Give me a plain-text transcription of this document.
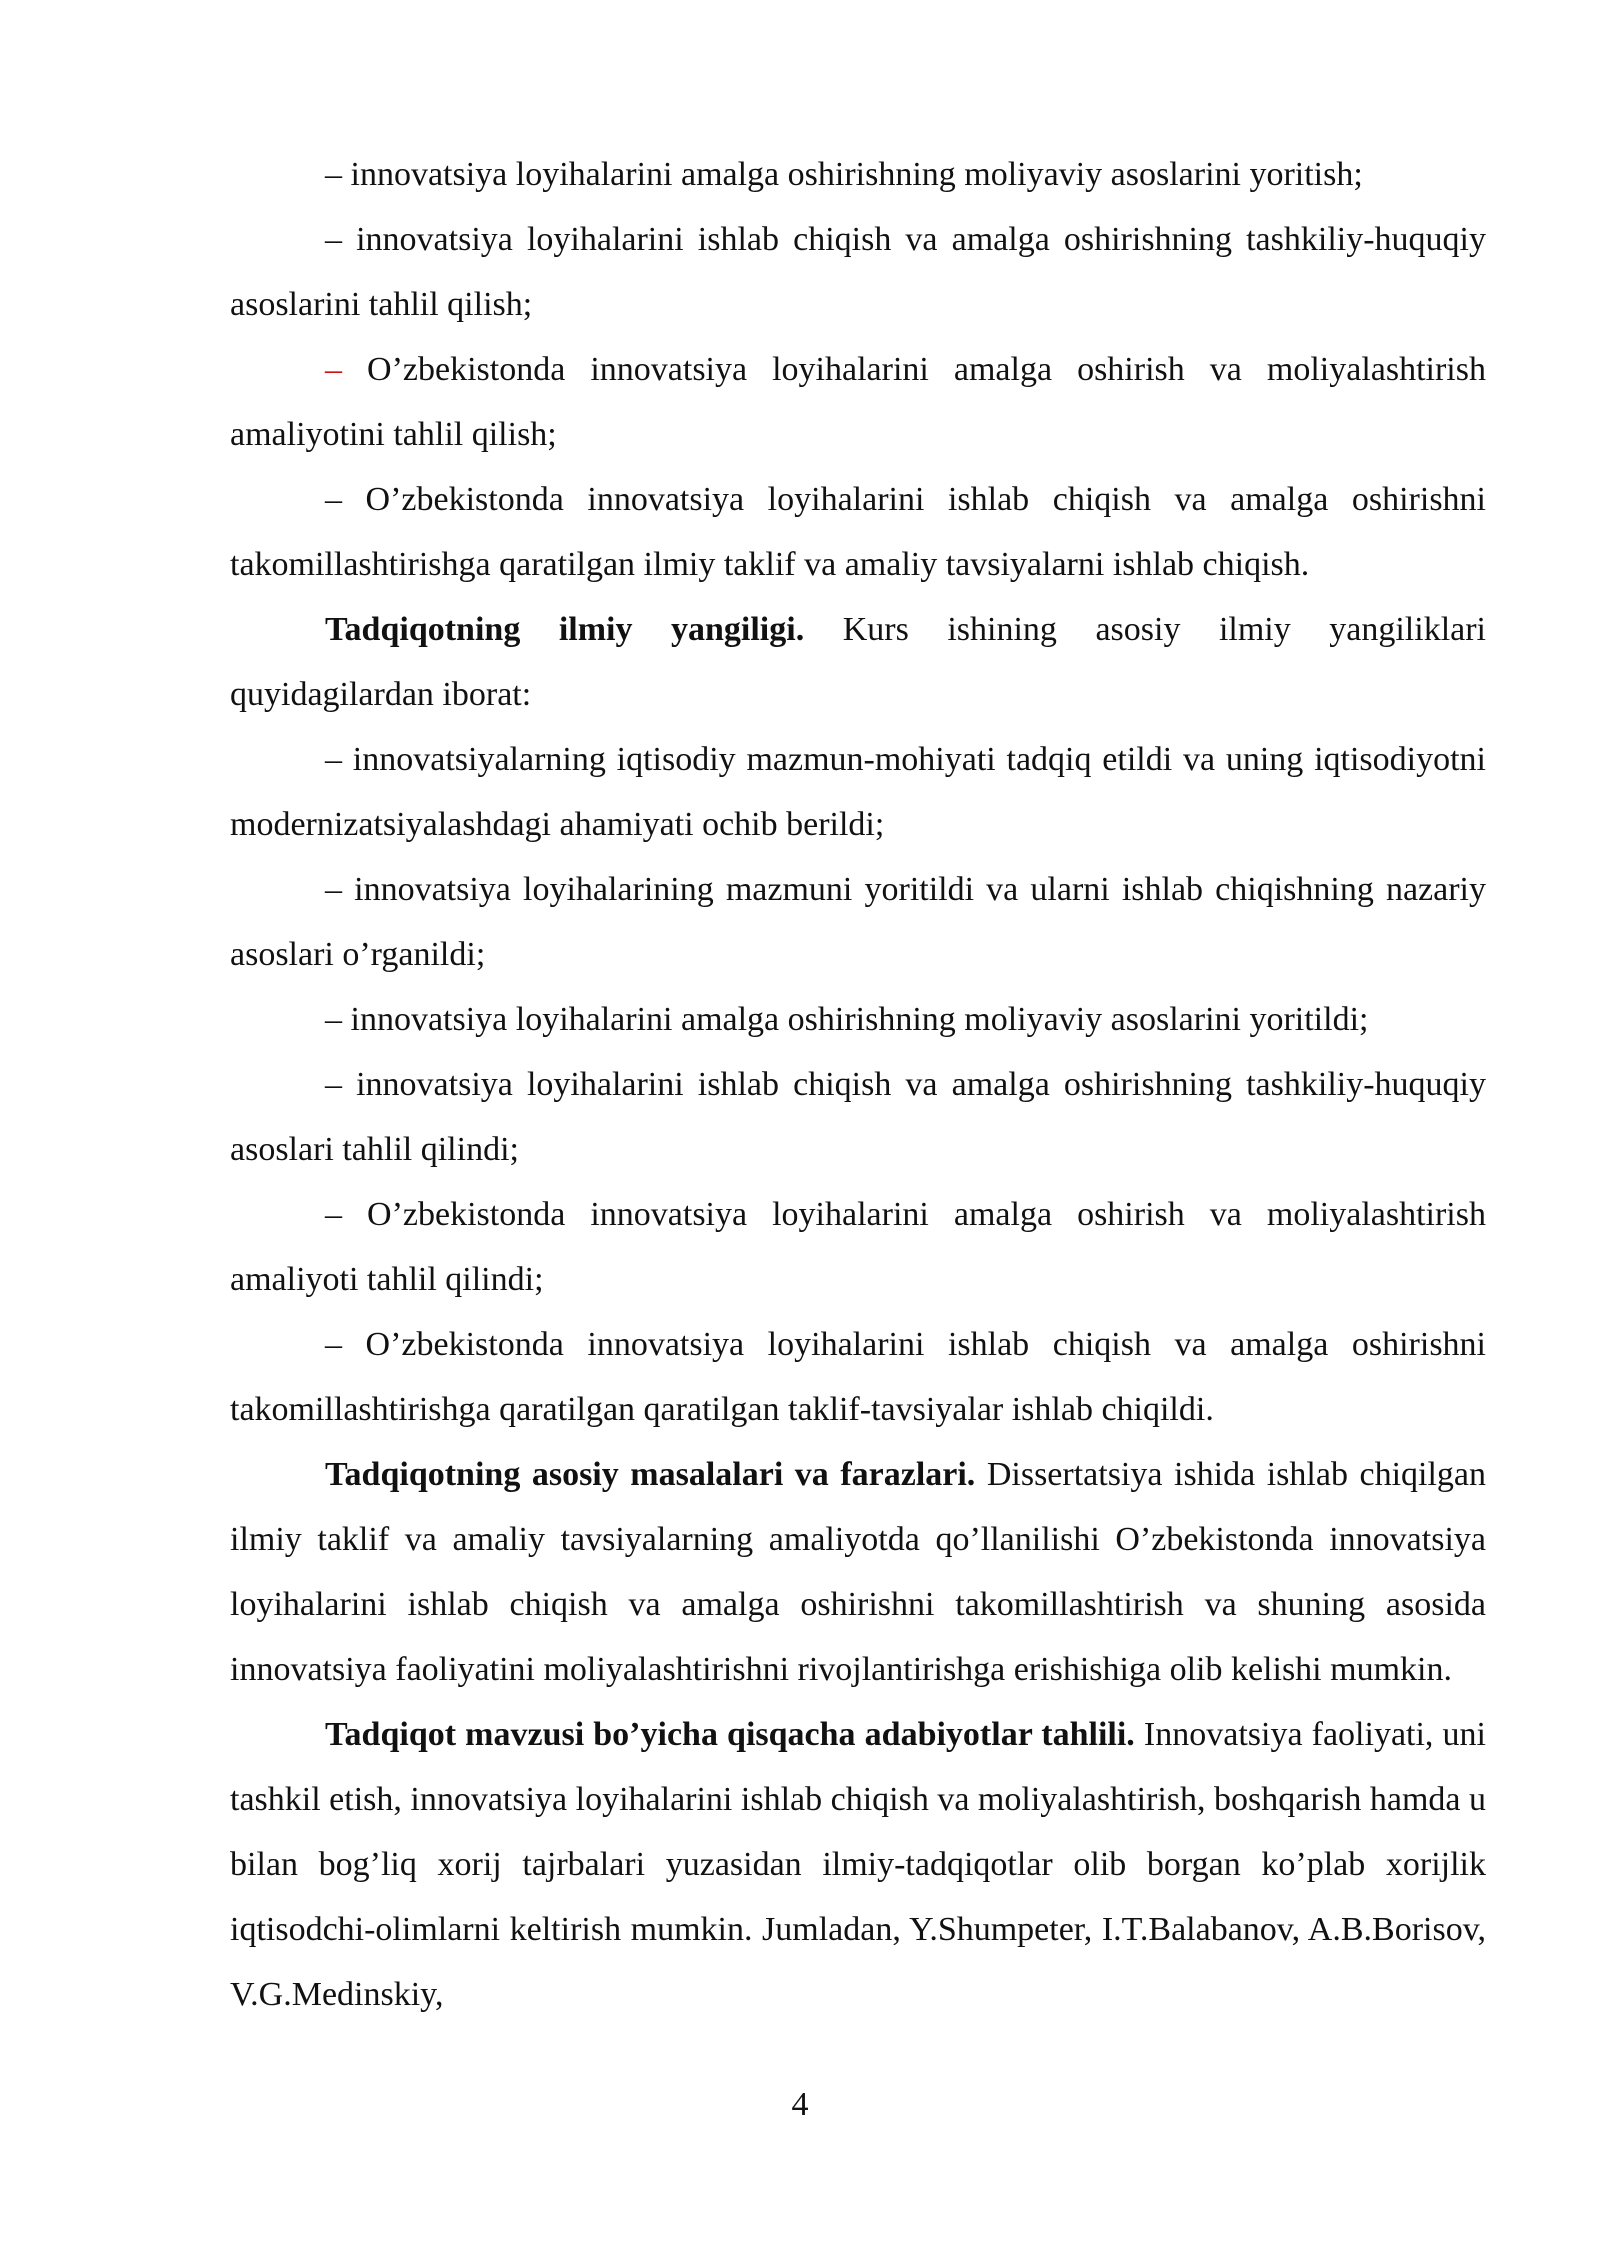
– innovatsiya loyihalarini amalga oshirishning moliyaviy asoslarini yoritish;

– innovatsiya loyihalarini ishlab chiqish va amalga oshirishning tashkiliy-huquqiy asoslarini tahlil qilish;

– O’zbekistonda innovatsiya loyihalarini amalga oshirish va moliyalashtirish amaliyotini tahlil qilish;

– O’zbekistonda innovatsiya loyihalarini ishlab chiqish va amalga oshirishni takomillashtirishga qaratilgan ilmiy taklif va amaliy tavsiyalarni ishlab chiqish.

Tadqiqotning ilmiy yangiligi. Kurs ishining asosiy ilmiy yangiliklari quyidagilardan iborat:

– innovatsiyalarning iqtisodiy mazmun-mohiyati tadqiq etildi va uning iqtisodiyotni modernizatsiyalashdagi ahamiyati ochib berildi;

– innovatsiya loyihalarining mazmuni yoritildi va ularni ishlab chiqishning nazariy asoslari o’rganildi;

– innovatsiya loyihalarini amalga oshirishning moliyaviy asoslarini yoritildi;

– innovatsiya loyihalarini ishlab chiqish va amalga oshirishning tashkiliy-huquqiy asoslari tahlil qilindi;

– O’zbekistonda innovatsiya loyihalarini amalga oshirish va moliyalashtirish amaliyoti tahlil qilindi;

– O’zbekistonda innovatsiya loyihalarini ishlab chiqish va amalga oshirishni takomillashtirishga qaratilgan qaratilgan taklif-tavsiyalar ishlab chiqildi.

Tadqiqotning asosiy masalalari va farazlari. Dissertatsiya ishida ishlab chiqilgan ilmiy taklif va amaliy tavsiyalarning amaliyotda qo’llanilishi O’zbekistonda innovatsiya loyihalarini ishlab chiqish va amalga oshirishni takomillashtirish va shuning asosida innovatsiya faoliyatini moliyalashtirishni rivojlantirishga erishishiga olib kelishi mumkin.

Tadqiqot mavzusi bo’yicha qisqacha adabiyotlar tahlili. Innovatsiya faoliyati, uni tashkil etish, innovatsiya loyihalarini ishlab chiqish va moliyalashtirish, boshqarish hamda u bilan bog’liq xorij tajrbalari yuzasidan ilmiy-tadqiqotlar olib borgan ko’plab xorijlik iqtisodchi-olimlarni keltirish mumkin. Jumladan, Y.Shumpeter, I.T.Balabanov, A.B.Borisov, V.G.Medinskiy,

4
